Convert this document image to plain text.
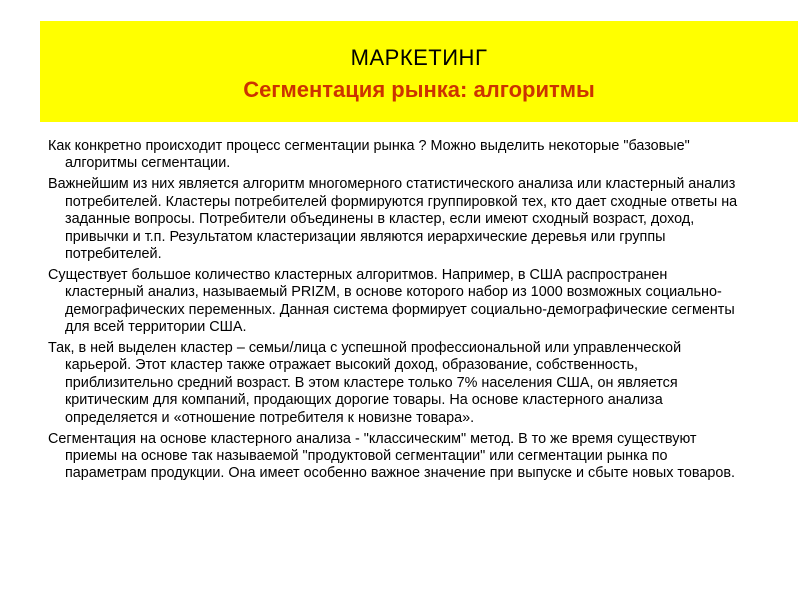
МАРКЕТИНГ
Сегментация рынка: алгоритмы

Как конкретно происходит процесс сегментации рынка ? Можно выделить некоторые "базовые" алгоритмы сегментации.

Важнейшим из них является алгоритм многомерного статистического анализа или кластерный анализ потребителей. Кластеры потребителей формируются группировкой тех, кто дает сходные ответы на заданные вопросы. Потребители объединены в кластер, если имеют сходный возраст, доход, привычки и т.п. Результатом кластеризации являются иерархические деревья или группы потребителей.

Существует большое количество кластерных алгоритмов. Например, в США распространен кластерный анализ, называемый PRIZM, в основе которого набор из 1000 возможных социально-демографических переменных. Данная система формирует социально-демографические сегменты для всей территории США.

Так, в ней выделен кластер – семьи/лица с успешной профессиональной или управленческой карьерой. Этот кластер также отражает высокий доход, образование, собственность, приблизительно средний возраст. В этом кластере только 7% населения США, он является критическим для компаний, продающих дорогие товары. На основе кластерного анализа определяется и «отношение потребителя к новизне товара».

Сегментация на основе кластерного анализа - "классическим" метод. В то же время существуют приемы на основе так называемой "продуктовой сегментации" или сегментации рынка по параметрам продукции. Она имеет особенно важное значение при выпуске и сбыте новых товаров.
